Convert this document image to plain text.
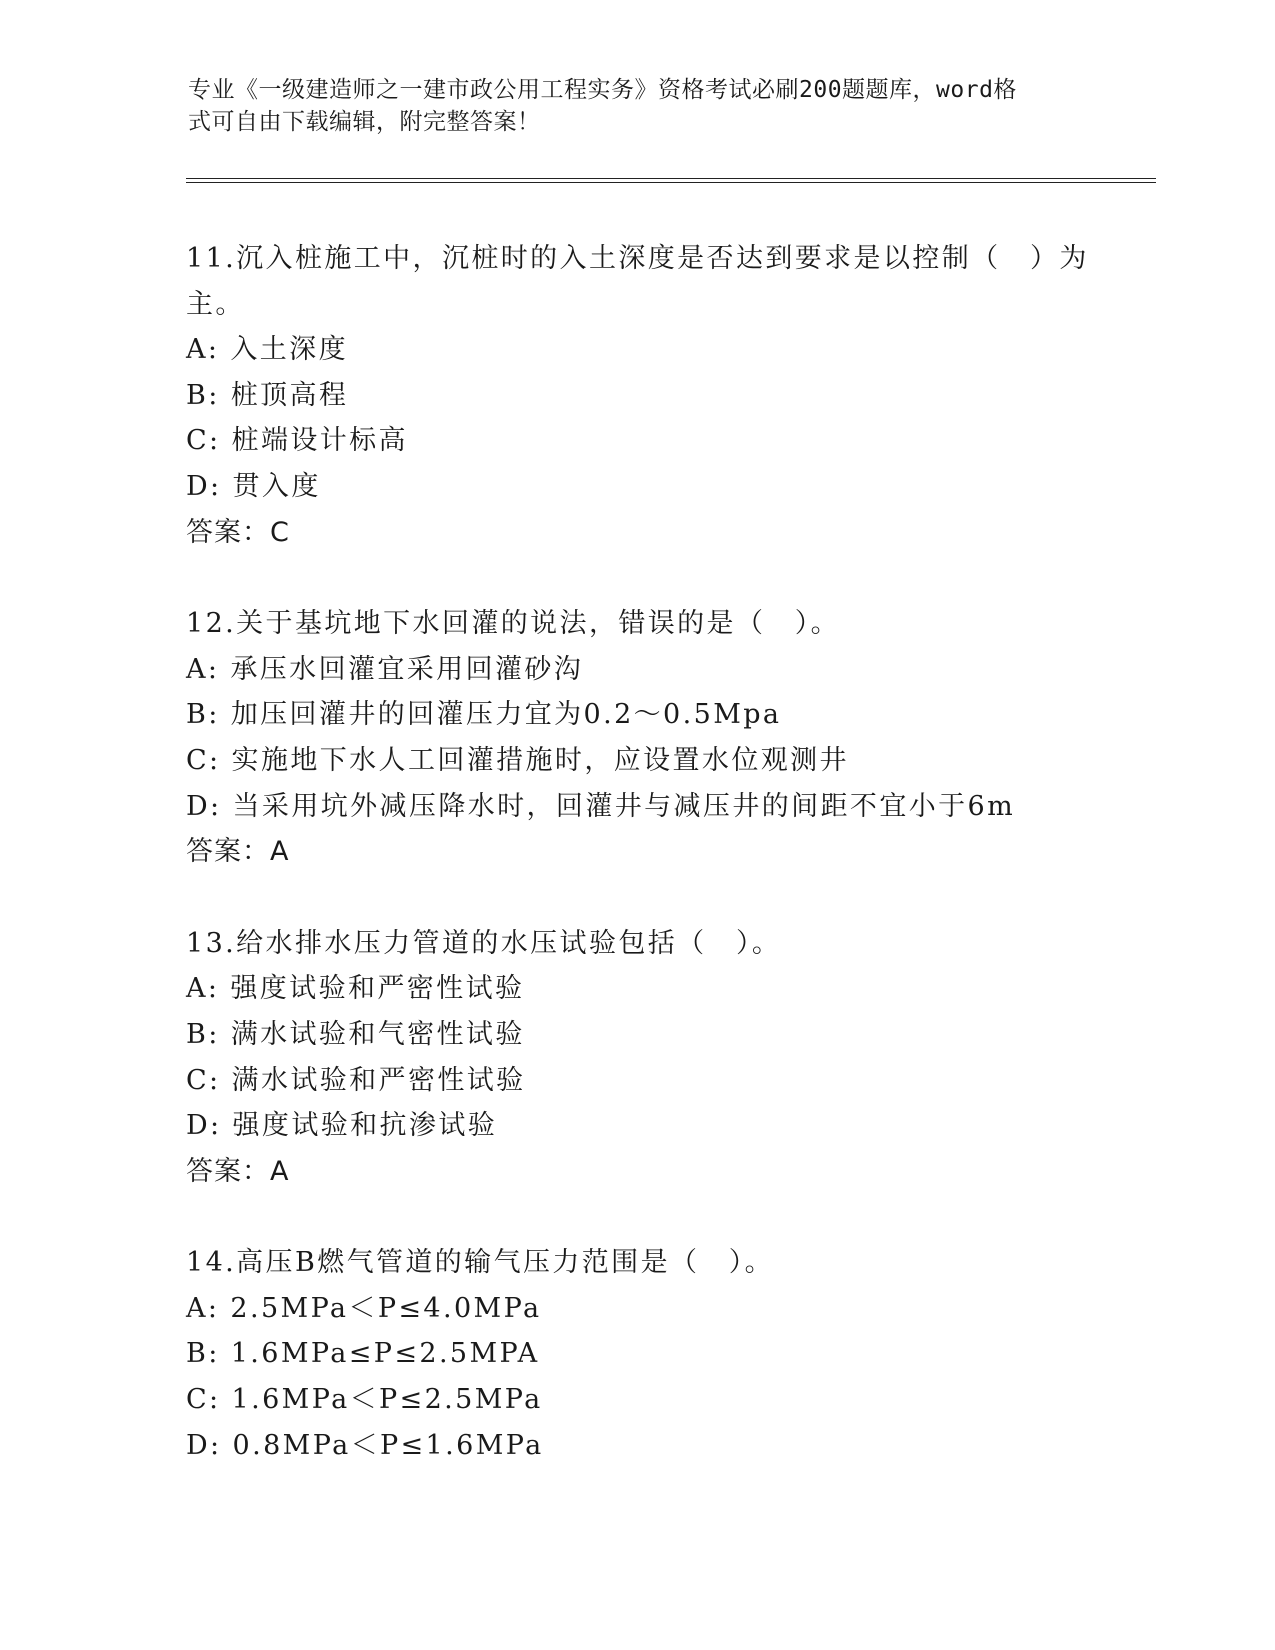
专业《一级建造师之一建市政公用工程实务》资格考试必刷200题题库，word格

式可自由下载编辑，附完整答案！

11.沉入桩施工中，沉桩时的入土深度是否达到要求是以控制（　）为
主。
A: 入土深度
B: 桩顶高程
C: 桩端设计标高
D: 贯入度
答案：C
12.关于基坑地下水回灌的说法，错误的是（　）。
A: 承压水回灌宜采用回灌砂沟
B: 加压回灌井的回灌压力宜为0.2～0.5Mpa
C: 实施地下水人工回灌措施时，应设置水位观测井
D: 当采用坑外减压降水时，回灌井与减压井的间距不宜小于6m
答案：A
13.给水排水压力管道的水压试验包括（　）。
A: 强度试验和严密性试验
B: 满水试验和气密性试验
C: 满水试验和严密性试验
D: 强度试验和抗渗试验
答案：A
14.高压B燃气管道的输气压力范围是（　）。
A: 2.5MPa＜P≤4.0MPa
B: 1.6MPa≤P≤2.5MPA
C: 1.6MPa＜P≤2.5MPa
D: 0.8MPa＜P≤1.6MPa
